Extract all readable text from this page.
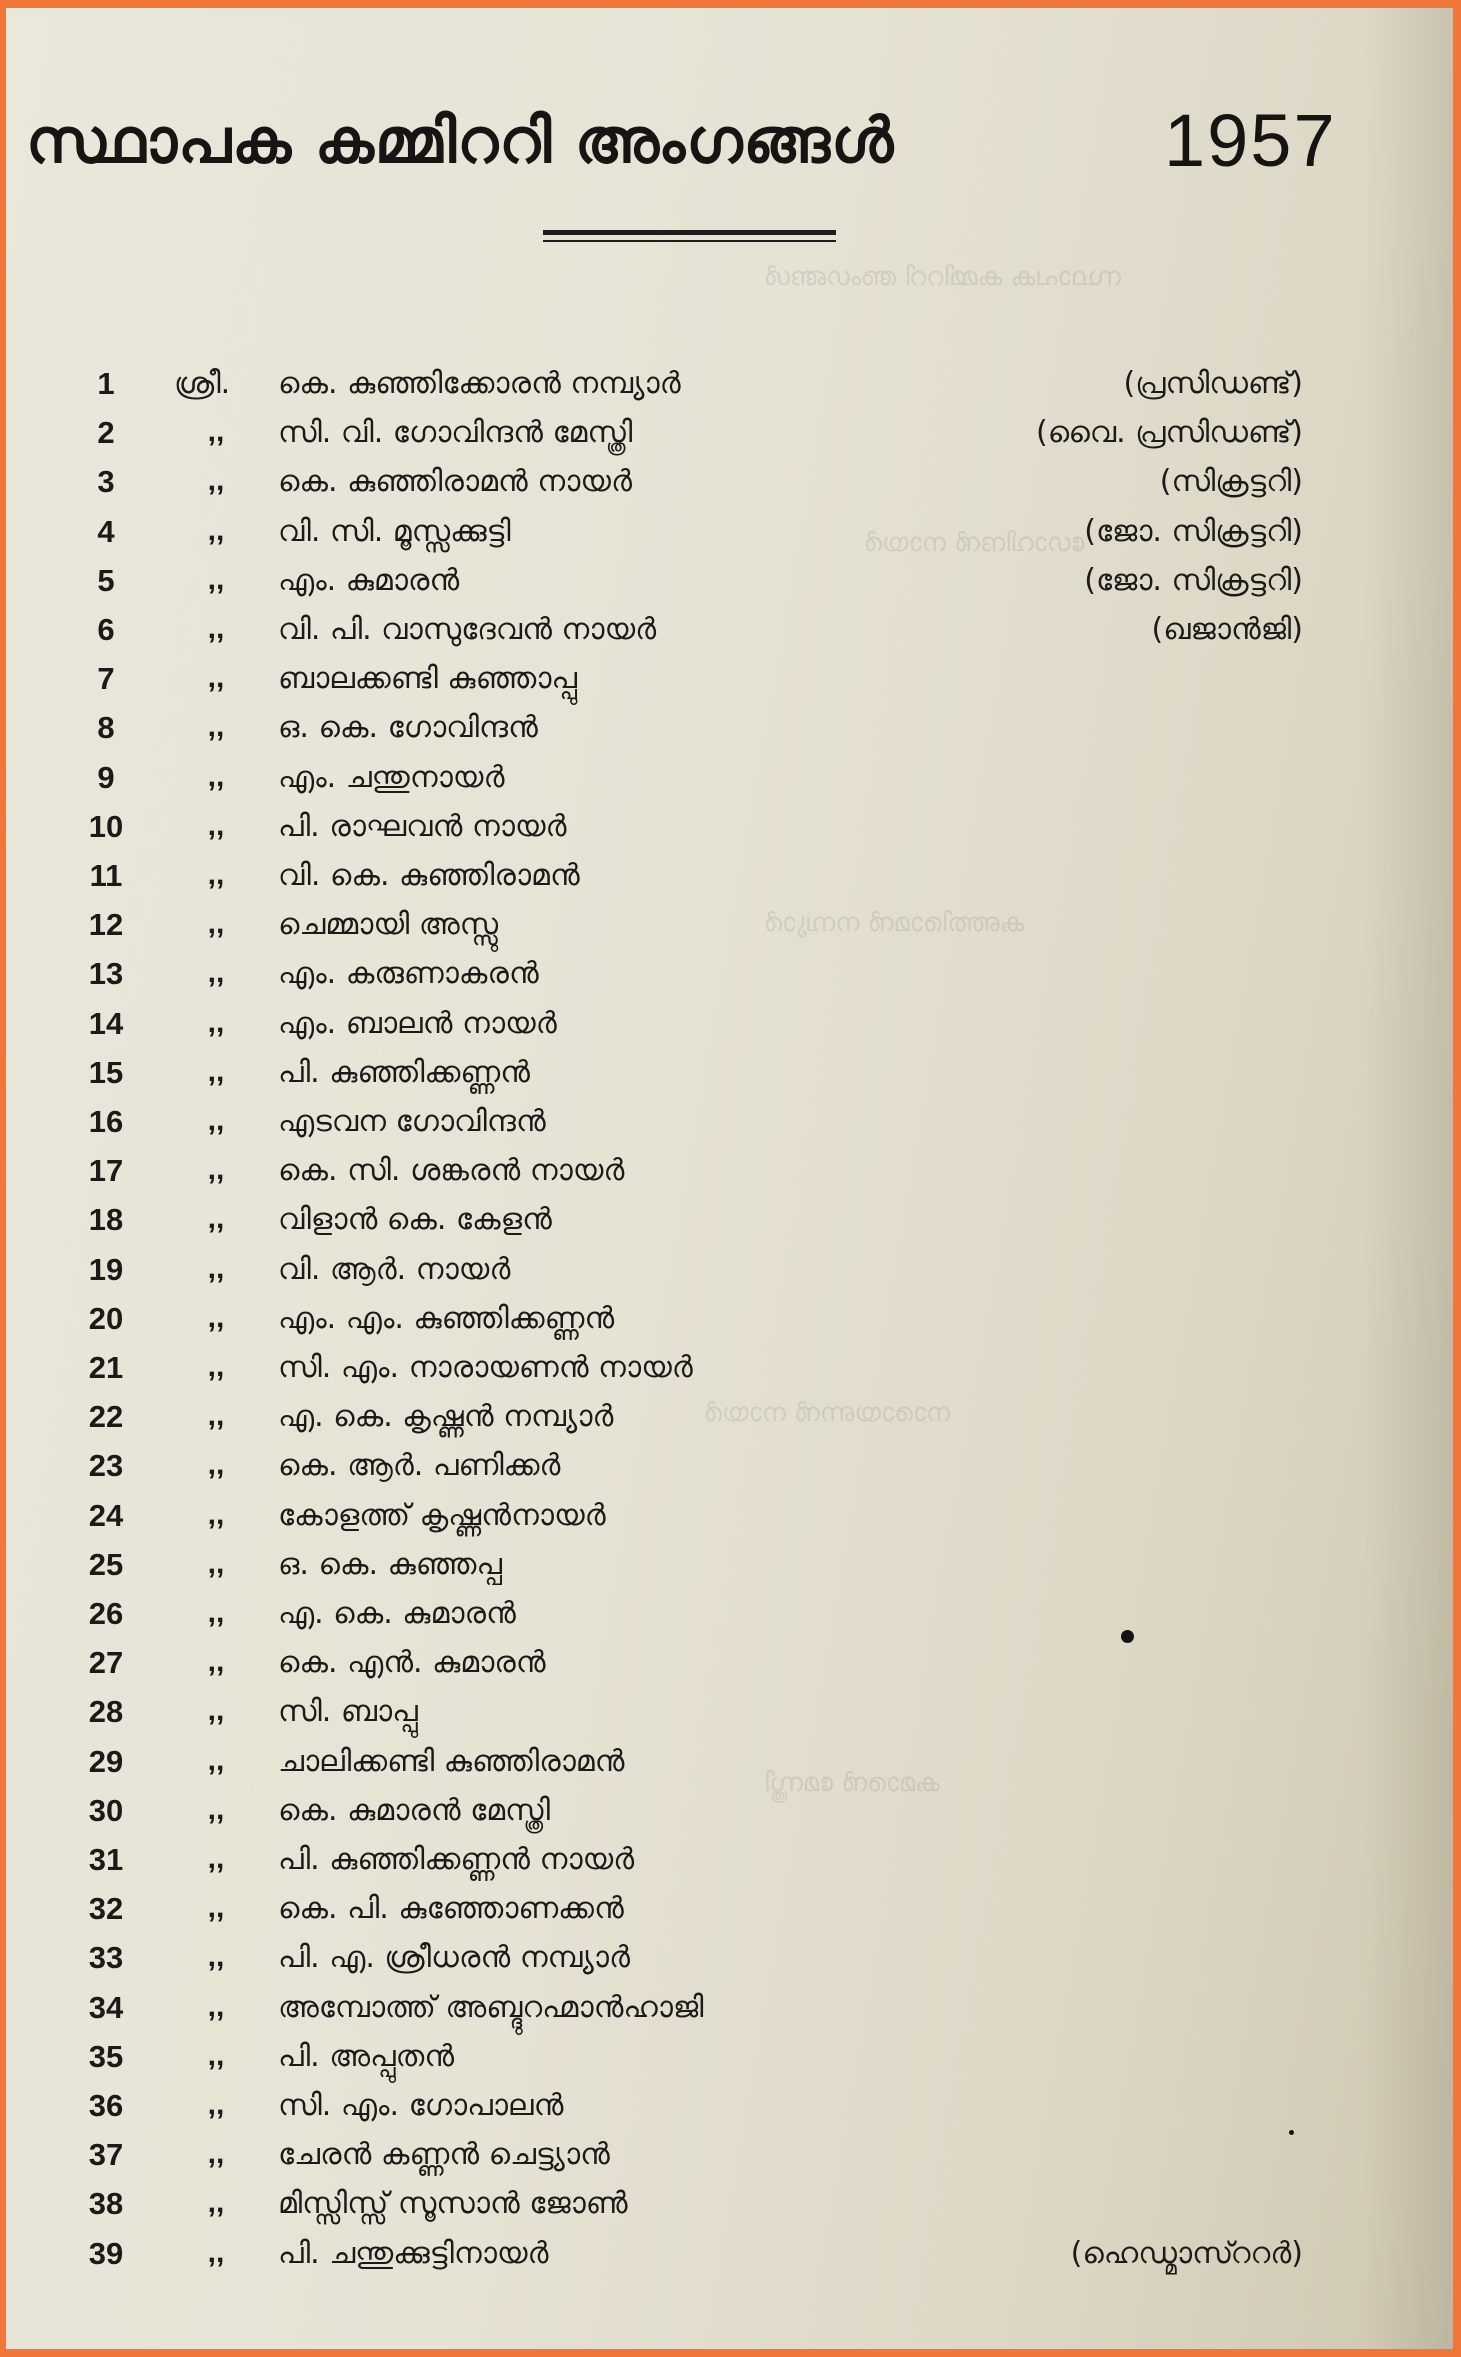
സ്ഥാപക കമ്മിററി അംഗങ്ങൾ
ഗോവിന്ദൻ നായർ
കുഞ്ഞിരാമൻ നമ്പ്യാർ
നാരായണൻ നായർ
കുമാരൻ മേസ്ത്രി
സ്ഥാപക കമ്മിററി അംഗങ്ങൾ	1957
1	ശ്രീ. കെ. കുഞ്ഞിക്കോരൻ നമ്പ്യാർ	(പ്രസിഡണ്ട്)
2	,,	സി. വി. ഗോവിന്ദൻ മേസ്ത്രി	(വൈ. പ്രസിഡണ്ട്)
3	,,	കെ. കുഞ്ഞിരാമൻ നായർ	(സിക്രട്ടറി)
4	,,	വി. സി. മൂസ്സക്കുട്ടി	(ജോ. സിക്രട്ടറി)
5	,,	എം. കുമാരൻ	(ജോ. സിക്രട്ടറി)
6	,,	വി. പി. വാസുദേവൻ നായർ	(ഖജാൻജി)
7	,,	ബാലക്കണ്ടി കുഞ്ഞാപ്പു
8	,,	ഒ. കെ. ഗോവിന്ദൻ
9	,,	എം. ചന്തുനായർ
10	,,	പി. രാഘവൻ നായർ
11	,,	വി. കെ. കുഞ്ഞിരാമൻ
12	,,	ചെമ്മായി അസ്സു
13	,,	എം. കരുണാകരൻ
14	,,	എം. ബാലൻ നായർ
15	,,	പി. കുഞ്ഞിക്കണ്ണൻ
16	,,	എടവന ഗോവിന്ദൻ
17	,,	കെ. സി. ശങ്കരൻ നായർ
18	,,	വിളാൻ കെ. കേളൻ
19	,,	വി. ആർ. നായർ
20	,,	എം. എം. കുഞ്ഞിക്കണ്ണൻ
21	,,	സി. എം. നാരായണൻ നായർ
22	,,	എ. കെ. കൃഷ്ണൻ നമ്പ്യാർ
23	,,	കെ. ആർ. പണിക്കർ
24	,,	കോളത്ത് കൃഷ്ണൻനായർ
25	,,	ഒ. കെ. കുഞ്ഞപ്പ
26	,,	എ. കെ. കുമാരൻ
27	,,	കെ. എൻ. കുമാരൻ
28	,,	സി. ബാപ്പു
29	,,	ചാലിക്കണ്ടി കുഞ്ഞിരാമൻ
30	,,	കെ. കുമാരൻ മേസ്ത്രി
31	,,	പി. കുഞ്ഞിക്കണ്ണൻ നായർ
32	,,	കെ. പി. കുഞ്ഞോണക്കൻ
33	,,	പി. എ. ശ്രീധരൻ നമ്പ്യാർ
34	,,	അമ്പോത്ത് അബ്ദുറഹ്മാൻഹാജി
35	,,	പി. അപ്പുതൻ
36	,,	സി. എം. ഗോപാലൻ
37	,,	ചേരൻ കണ്ണൻ ചെട്ട്യാൻ
38	,,	മിസ്സിസ്സ് സൂസാൻ ജോൺ
39	,,	പി. ചന്തുക്കുട്ടിനായർ	(ഹെഡ്മാസ്ററർ)
